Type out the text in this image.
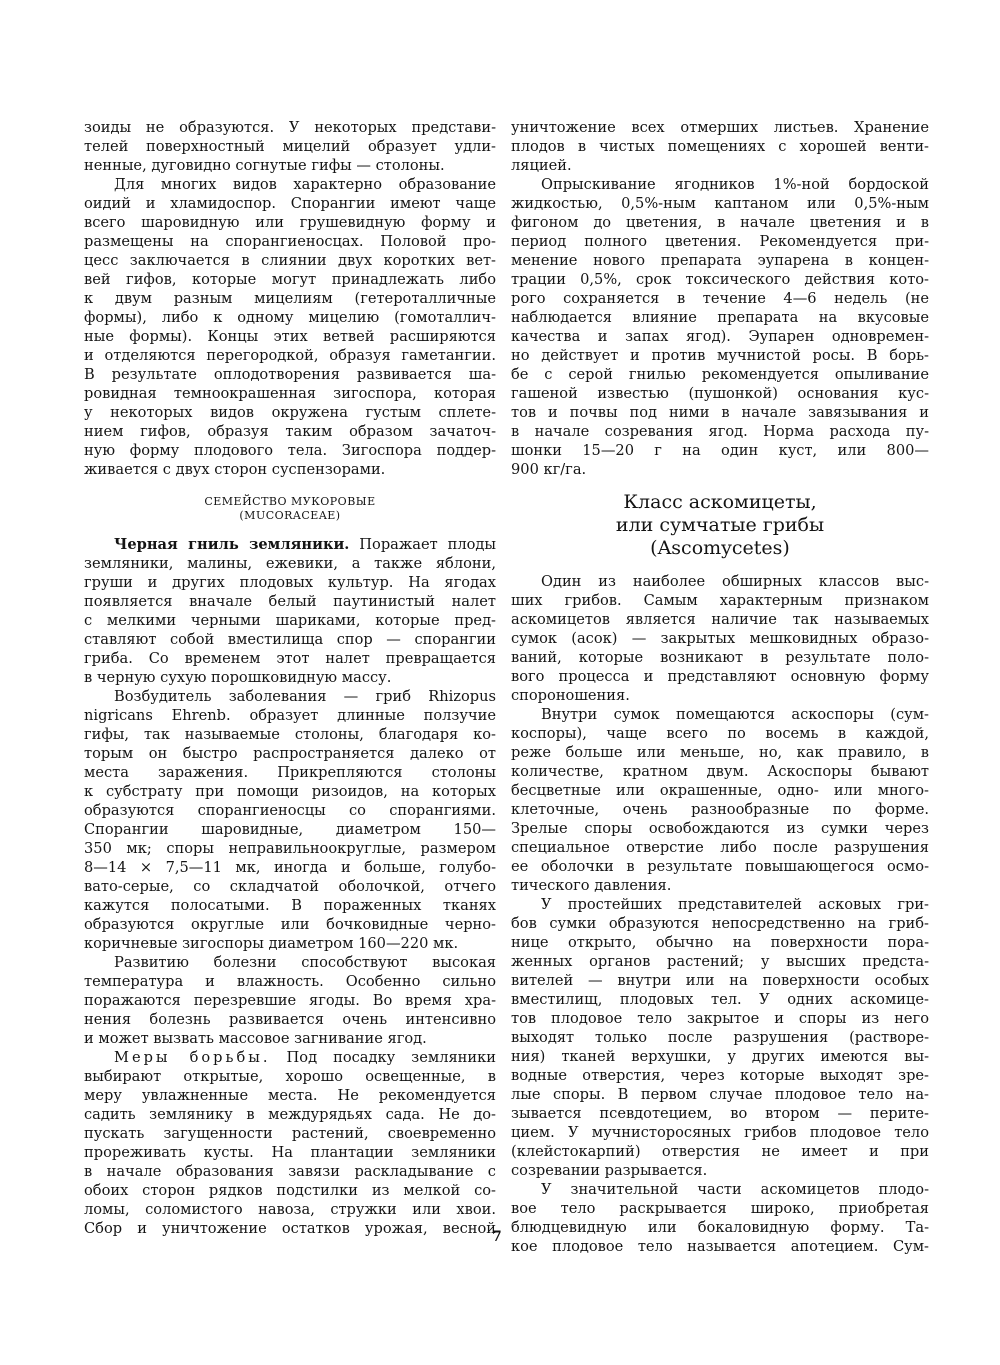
зоиды не образуются. У некоторых представи-
телей поверхностный мицелий образует удли-
ненные, дуговидно согнутые гифы — столоны.
Для многих видов характерно образование
оидий и хламидоспор. Спорангии имеют чаще
всего шаровидную или грушевидную форму и
размещены на спорангиеносцах. Половой про-
цесс заключается в слиянии двух коротких вет-
вей гифов, которые могут принадлежать либо
к двум разным мицелиям (гетероталличные
формы), либо к одному мицелию (гомоталлич-
ные формы). Концы этих ветвей расширяются
и отделяются перегородкой, образуя гаметангии.
В результате оплодотворения развивается ша-
ровидная темноокрашенная зигоспора, которая
у некоторых видов окружена густым сплете-
нием гифов, образуя таким образом зачаточ-
ную форму плодового тела. Зигоспора поддер-
живается с двух сторон суспензорами.
СЕМЕЙСТВО МУКОРОВЫЕ
(MUCORACEAE)
Черная гниль земляники. Поражает плоды
земляники, малины, ежевики, а также яблони,
груши и других плодовых культур. На ягодах
появляется вначале белый паутинистый налет
с мелкими черными шариками, которые пред-
ставляют собой вместилища спор — спорангии
гриба. Со временем этот налет превращается
в черную сухую порошковидную массу.
Возбудитель заболевания — гриб Rhizopus
nigricans Ehrenb. образует длинные ползучие
гифы, так называемые столоны, благодаря ко-
торым он быстро распространяется далеко от
места заражения. Прикрепляются столоны
к субстрату при помощи ризоидов, на которых
образуются спорангиеносцы со спорангиями.
Спорангии шаровидные, диаметром 150—
350 мк; споры неправильноокруглые, размером
8—14 × 7,5—11 мк, иногда и больше, голубо-
вато-серые, со складчатой оболочкой, отчего
кажутся полосатыми. В пораженных тканях
образуются округлые или бочковидные черно-
коричневые зигоспоры диаметром 160—220 мк.
Развитию болезни способствуют высокая
температура и влажность. Особенно сильно
поражаются перезревшие ягоды. Во время хра-
нения болезнь развивается очень интенсивно
и может вызвать массовое загнивание ягод.
Меры борьбы. Под посадку земляники
выбирают открытые, хорошо освещенные, в
меру увлажненные места. Не рекомендуется
садить землянику в междурядьях сада. Не до-
пускать загущенности растений, своевременно
прореживать кусты. На плантации земляники
в начале образования завязи раскладывание с
обоих сторон рядков подстилки из мелкой со-
ломы, соломистого навоза, стружки или хвои.
Сбор и уничтожение остатков урожая, весной
уничтожение всех отмерших листьев. Хранение
плодов в чистых помещениях с хорошей венти-
ляцией.
Опрыскивание ягодников 1%-ной бордоской
жидкостью, 0,5%-ным каптаном или 0,5%-ным
фигоном до цветения, в начале цветения и в
период полного цветения. Рекомендуется при-
менение нового препарата эупарена в концен-
трации 0,5%, срок токсического действия кото-
рого сохраняется в течение 4—6 недель (не
наблюдается влияние препарата на вкусовые
качества и запах ягод). Эупарен одновремен-
но действует и против мучнистой росы. В борь-
бе с серой гнилью рекомендуется опыливание
гашеной известью (пушонкой) основания кус-
тов и почвы под ними в начале завязывания и
в начале созревания ягод. Норма расхода пу-
шонки 15—20 г на один куст, или 800—
900 кг/га.
Класс аскомицеты,
или сумчатые грибы
(Ascomycetes)
Один из наиболее обширных классов выс-
ших грибов. Самым характерным признаком
аскомицетов является наличие так называемых
сумок (асок) — закрытых мешковидных образо-
ваний, которые возникают в результате поло-
вого процесса и представляют основную форму
спороношения.
Внутри сумок помещаются аскоспоры (сум-
коспоры), чаще всего по восемь в каждой,
реже больше или меньше, но, как правило, в
количестве, кратном двум. Аскоспоры бывают
бесцветные или окрашенные, одно- или много-
клеточные, очень разнообразные по форме.
Зрелые споры освобождаются из сумки через
специальное отверстие либо после разрушения
ее оболочки в результате повышающегося осмо-
тического давления.
У простейших представителей асковых гри-
бов сумки образуются непосредственно на гриб-
нице открыто, обычно на поверхности пора-
женных органов растений; у высших предста-
вителей — внутри или на поверхности особых
вместилищ, плодовых тел. У одних аскомице-
тов плодовое тело закрытое и споры из него
выходят только после разрушения (растворе-
ния) тканей верхушки, у других имеются вы-
водные отверстия, через которые выходят зре-
лые споры. В первом случае плодовое тело на-
зывается псевдотецием, во втором — перите-
цием. У мучнисторосяных грибов плодовое тело
(клейстокарпий) отверстия не имеет и при
созревании разрывается.
У значительной части аскомицетов плодо-
вое тело раскрывается широко, приобретая
блюдцевидную или бокаловидную форму. Та-
кое плодовое тело называется апотецием. Сум-
7
